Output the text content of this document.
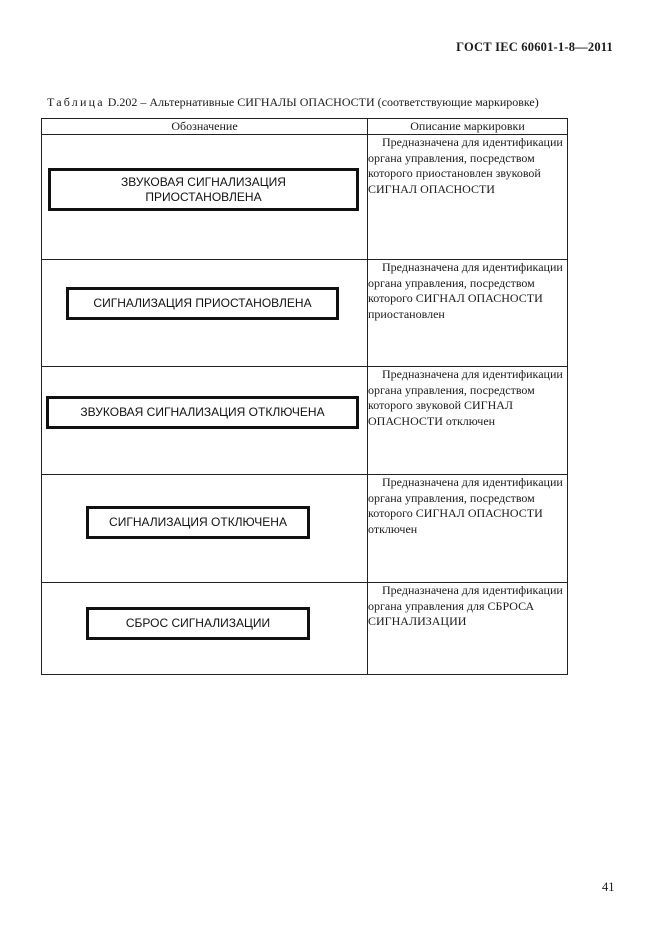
ГОСТ IEC 60601-1-8—2011
Таблица D.202 – Альтернативные СИГНАЛЫ ОПАСНОСТИ (соответствующие маркировке)
Обозначение	Описание маркировки

ЗВУКОВАЯ СИГНАЛИЗАЦИЯ
ПРИОСТАНОВЛЕНА	Предназначена для идентификации органа управления, посредством которого приостановлен звуковой СИГНАЛ ОПАСНОСТИ

СИГНАЛИЗАЦИЯ ПРИОСТАНОВЛЕНА	Предназначена для идентификации органа управления, посредством которого СИГНАЛ ОПАСНОСТИ приостановлен

ЗВУКОВАЯ СИГНАЛИЗАЦИЯ ОТКЛЮЧЕНА	Предназначена для идентификации органа управления, посредством которого звуковой СИГНАЛ ОПАСНОСТИ отключен

СИГНАЛИЗАЦИЯ ОТКЛЮЧЕНА	Предназначена для идентификации органа управления, посредством которого СИГНАЛ ОПАСНОСТИ отключен

СБРОС СИГНАЛИЗАЦИИ	Предназначена для идентификации органа управления для СБРОСА СИГНАЛИЗАЦИИ
41
